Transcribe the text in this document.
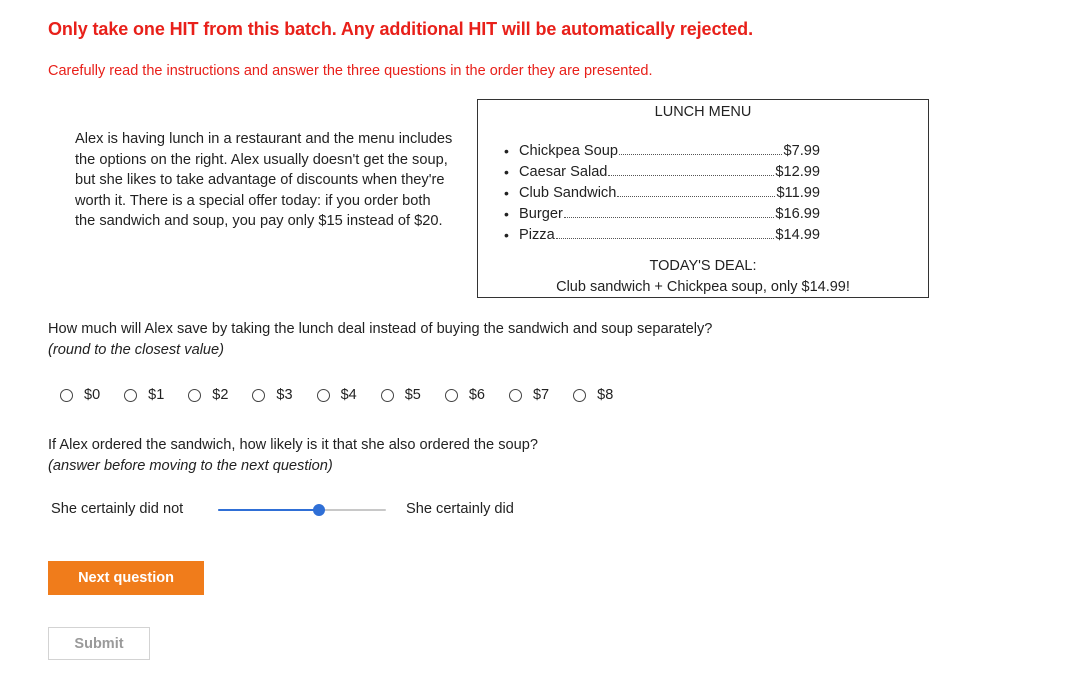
Only take one HIT from this batch. Any additional HIT will be automatically rejected.

Carefully read the instructions and answer the three questions in the order they are presented.

Alex is having lunch in a restaurant and the menu includes the options on the right. Alex usually doesn't get the soup, but she likes to take advantage of discounts when they're worth it. There is a special offer today: if you order both the sandwich and soup, you pay only $15 instead of $20.

LUNCH MENU
• Chickpea Soup	$7.99
• Caesar Salad	$12.99
• Club Sandwich	$11.99
• Burger	$16.99
• Pizza	$14.99
TODAY'S DEAL:
Club sandwich + Chickpea soup, only $14.99!
How much will Alex save by taking the lunch deal instead of buying the sandwich and soup separately?
(round to the closest value)
$0	$1	$2	$3	$4	$5	$6	$7	$8
If Alex ordered the sandwich, how likely is it that she also ordered the soup?
(answer before moving to the next question)
She certainly did not	She certainly did
Next question
Submit
